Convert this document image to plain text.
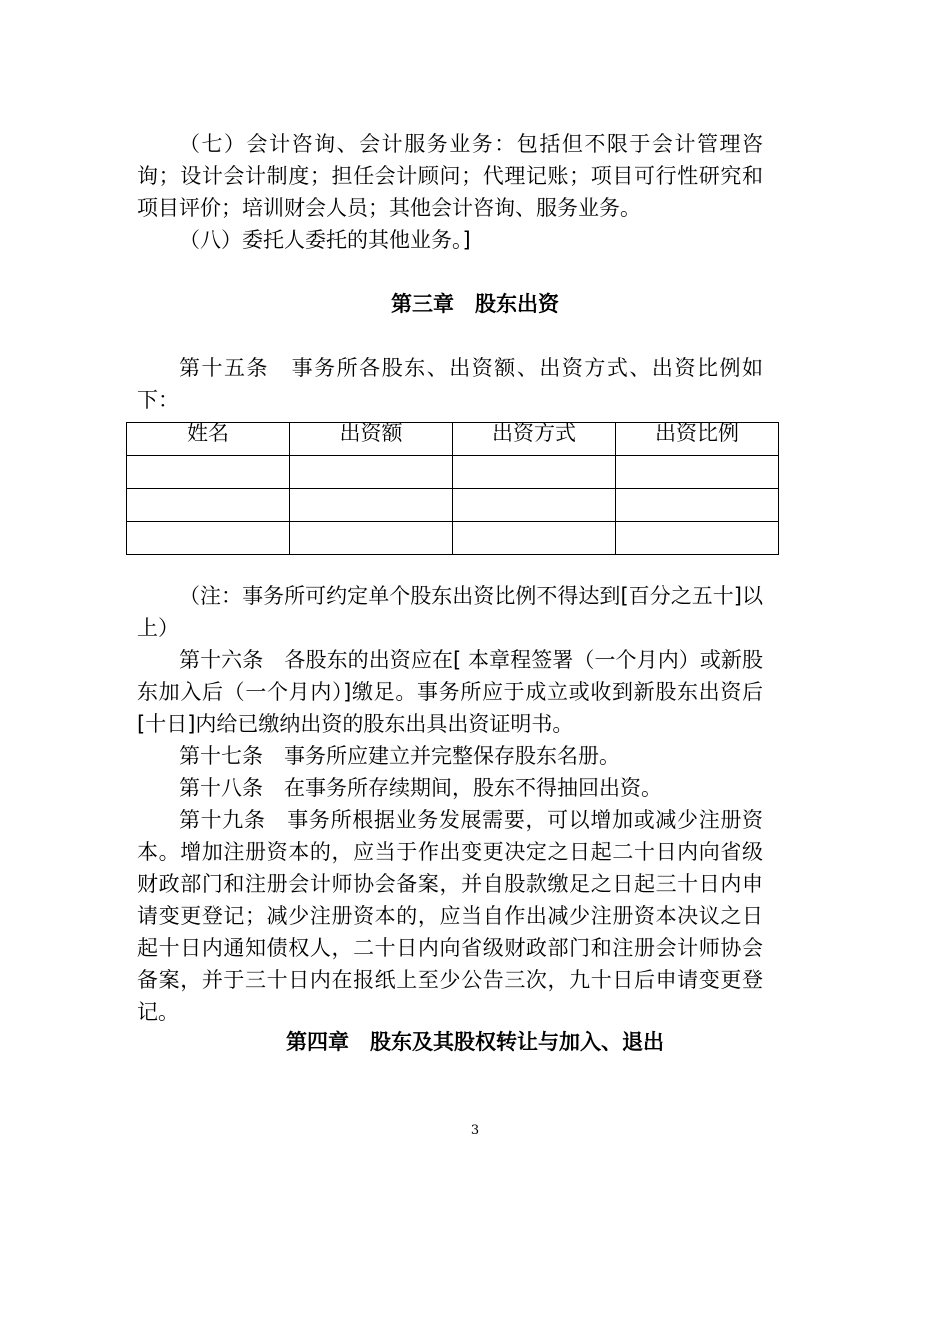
（七）会计咨询、会计服务业务：包括但不限于会计管理咨询；设计会计制度；担任会计顾问；代理记账；项目可行性研究和项目评价；培训财会人员；其他会计咨询、服务业务。

（八）委托人委托的其他业务。]

第三章 股东出资

第十五条 事务所各股东、出资额、出资方式、出资比例如下：

姓名	出资额	出资方式	出资比例

（注：事务所可约定单个股东出资比例不得达到[百分之五十]以上）

第十六条 各股东的出资应在[ 本章程签署（一个月内）或新股东加入后（一个月内）]缴足。事务所应于成立或收到新股东出资后[十日]内给已缴纳出资的股东出具出资证明书。

第十七条 事务所应建立并完整保存股东名册。

第十八条 在事务所存续期间，股东不得抽回出资。

第十九条 事务所根据业务发展需要，可以增加或减少注册资本。增加注册资本的，应当于作出变更决定之日起二十日内向省级财政部门和注册会计师协会备案，并自股款缴足之日起三十日内申请变更登记；减少注册资本的，应当自作出减少注册资本决议之日起十日内通知债权人，二十日内向省级财政部门和注册会计师协会备案，并于三十日内在报纸上至少公告三次，九十日后申请变更登记。

第四章 股东及其股权转让与加入、退出
3
